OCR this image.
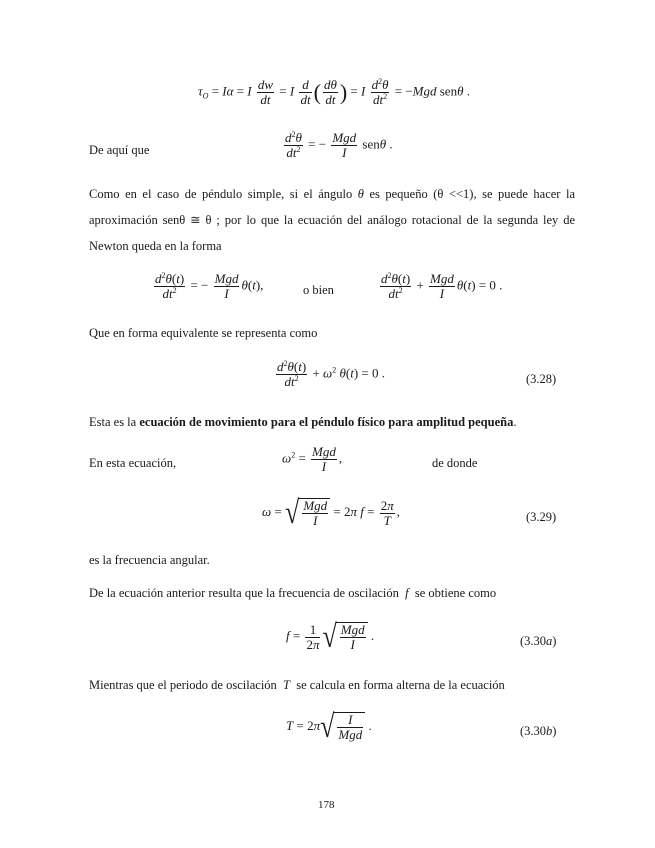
$\tau_O = I\alpha = I \frac{dw}{dt} = I \frac{d}{dt}$ ( $\frac{d\theta}{dt}$ ) = I $\frac{d^2\theta}{dt^2} = -Mgd$ senθ .
De aquí que	$\frac{d^2\theta}{dt^2}$ = − $\frac{\text{Mgd}}{I}$ senθ .
Como en el caso de péndulo simple, si el ángulo θ es pequeño (θ <<1), se puede hacer la aproximación senθ ≅ θ ; por lo que la ecuación del análogo rotacional de la segunda ley de Newton queda en la forma
$\frac{d^2\theta(t)}{dt^2}$ = − $\frac{\text{Mgd}}{I} \theta(t)$,	o bien	$\frac{d^2\theta(t)}{dt^2} + \frac{\text{Mgd}}{I} \theta(t) = 0$ .
Que en forma equivalente se representa como
$\frac{d^2\theta(t)}{dt^2} + \omega^2$ θ(t) = 0 .	(3.28)
Esta es la ecuación de movimiento para el péndulo físico para amplitud pequeña.
En esta ecuación,	$\omega^2 = \frac{\text{Mgd}}{I}$ ,	de donde
ω = √ $\frac{\text{Mgd}}{I} = 2\pi$ $f = \frac{2\pi}{T}$ ,	(3.29)
es la frecuencia angular.
De la ecuación anterior resulta que la frecuencia de oscilación f se obtiene como
$f = \frac{1}{2\pi}$ √ $\frac{\text{Mgd}}{I}$ .	(3.30a)
Mientras que el periodo de oscilación T se calcula en forma alterna de la ecuación
$T = 2\pi√ \frac{I}{\text{Mgd}}$ .	(3.30b)
178
